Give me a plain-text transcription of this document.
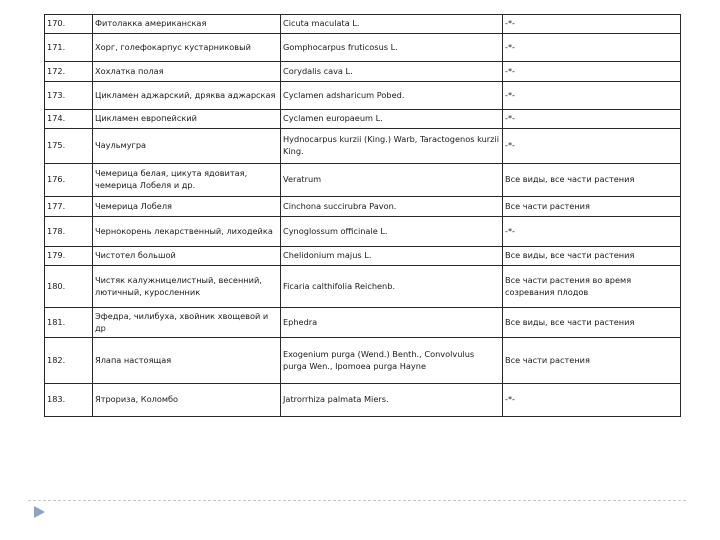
170.	Фитолакка американская	Cicuta maculata L.	-*-
171.	Хорг, голефокарпус кустарниковый	Gomphocarpus fruticosus L.	-*-
172.	Хохлатка полая	Corydalis cava L.	-*-
173.	Цикламен аджарский, дряква аджарская	Cyclamen adsharicum Pobed.	-*-
174.	Цикламен европейский	Cyclamen europaeum L.	-*-
175.	Чаульмугра	Hydnocarpus kurzii (King.) Warb, Taractogenos kurzii King.	-*-
176.	Чемерица белая, цикута ядовитая, чемерица Лобеля и др.	Veratrum	Все виды, все части растения
177.	Чемерица Лобеля	Cinchona succirubra Pavon.	Все части растения
178.	Чернокорень лекарственный, лиходейка	Cynoglossum officinale L.	-*-
179.	Чистотел большой	Chelidonium majus L.	Все виды, все части растения
180.	Чистяк калужницелистный, весенний, лютичный, куросленник	Ficaria calthifolia Reichenb.	Все части растения во время созревания плодов
181.	Эфедра, чилибуха, хвойник хвощевой и др	Ephedra	Все виды, все части растения
182.	Ялапа настоящая	Exogenium purga (Wend.) Benth., Convolvulus purga Wen., Ipomoea purga Hayne	Все части растения
183.	Ятрориза, Коломбо	Jatrorrhiza palmata Miers.	-*-
